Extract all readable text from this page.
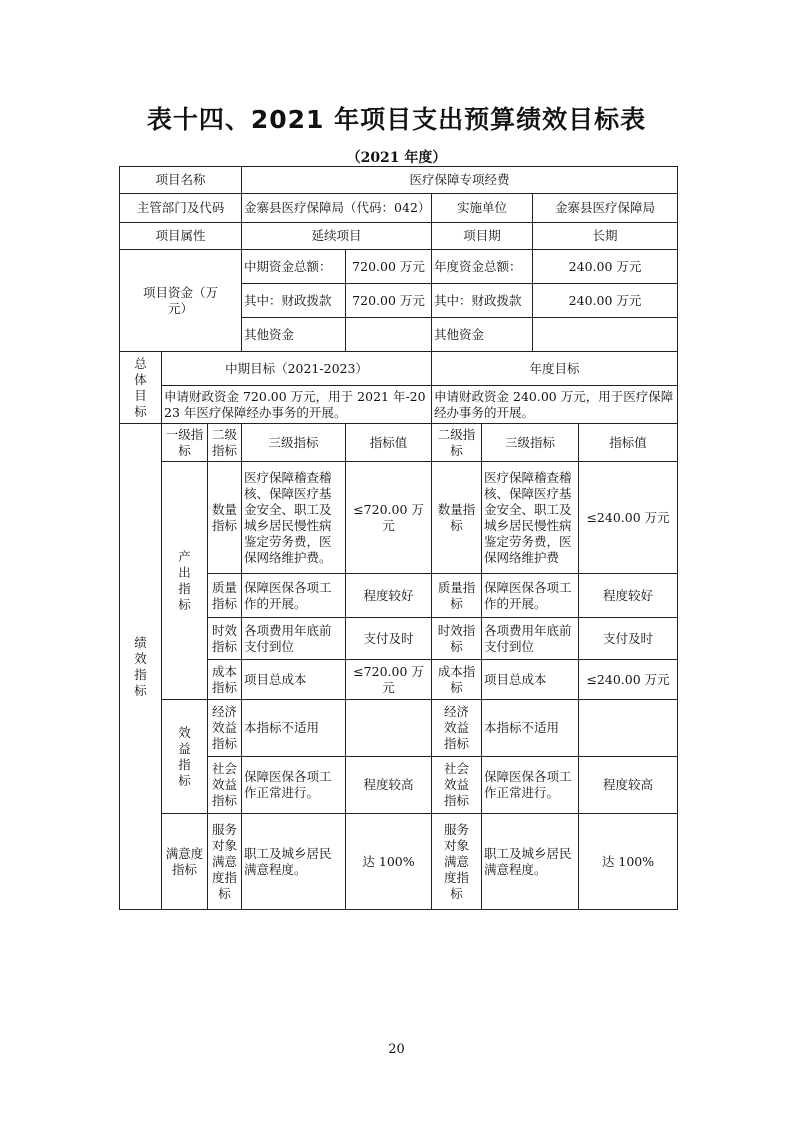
表十四、2021 年项目支出预算绩效目标表
（2021 年度）
项目名称			医疗保障专项经费					
主管部门及代码			金寨县医疗保障局（代码：042）		实施单位		金寨县医疗保障局	
项目属性			延续项目		项目期		长期	
项目资金（万元）			中期资金总额：	720.00 万元	年度资金总额：		240.00 万元	
			其中：财政拨款	720.00 万元	其中：财政拨款		240.00 万元	
			其他资金		其他资金			
总体目标	中期目标（2021-2023）				年度目标			
	申请财政资金 720.00 万元，用于 2021 年-2023 年医疗保障经办事务的开展。				申请财政资金 240.00 万元，用于医疗保障经办事务的开展。			
绩效指标	一级指标	二级指标	三级指标	指标值	二级指标	三级指标		指标值
	产出指标	数量指标	医疗保障稽查稽核、保障医疗基金安全、职工及城乡居民慢性病鉴定劳务费，医保网络维护费。	≤720.00 万元	数量指标	医疗保障稽查稽核、保障医疗基金安全、职工及城乡居民慢性病鉴定劳务费，医保网络维护费		≤240.00 万元
		质量指标	保障医保各项工作的开展。	程度较好	质量指标	保障医保各项工作的开展。		程度较好
		时效指标	各项费用年底前支付到位	支付及时	时效指标	各项费用年底前支付到位		支付及时
		成本指标	项目总成本	≤720.00 万元	成本指标	项目总成本		≤240.00 万元
	效益指标	经济效益指标	本指标不适用		经济效益指标	本指标不适用		
		社会效益指标	保障医保各项工作正常进行。	程度较高	社会效益指标	保障医保各项工作正常进行。		程度较高
	满意度指标	服务对象满意度指标	职工及城乡居民满意程度。	达 100%	服务对象满意度指标	职工及城乡居民满意程度。		达 100%
20
